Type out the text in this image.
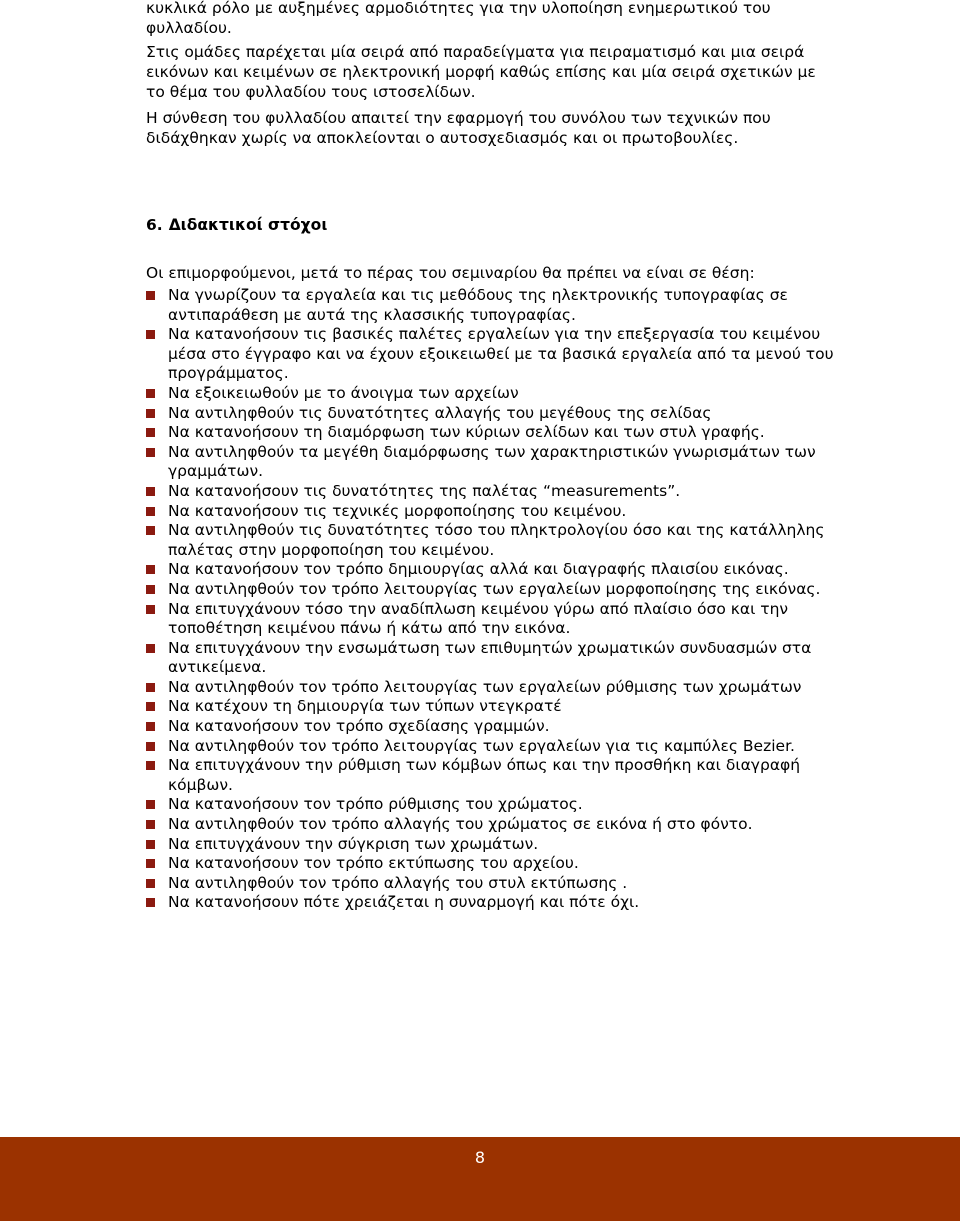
κυκλικά ρόλο με αυξημένες αρμοδιότητες για την υλοποίηση ενημερωτικού του φυλλαδίου.

Στις ομάδες παρέχεται μία σειρά από παραδείγματα για πειραματισμό και μια σειρά εικόνων και κειμένων σε ηλεκτρονική μορφή καθώς επίσης και μία σειρά σχετικών με το θέμα του φυλλαδίου τους ιστοσελίδων.

Η σύνθεση του φυλλαδίου απαιτεί την εφαρμογή του συνόλου των τεχνικών που διδάχθηκαν χωρίς να αποκλείονται ο αυτοσχεδιασμός και οι πρωτοβουλίες.

6. Διδακτικοί στόχοι

Οι επιμορφούμενοι, μετά το πέρας του σεμιναρίου θα πρέπει να είναι σε θέση:

Να γνωρίζουν τα εργαλεία και τις μεθόδους της ηλεκτρονικής τυπογραφίας σε αντιπαράθεση με αυτά της κλασσικής τυπογραφίας.
Να κατανοήσουν τις βασικές παλέτες εργαλείων για την επεξεργασία του κειμένου μέσα στο έγγραφο και να έχουν εξοικειωθεί με τα βασικά εργαλεία από τα μενού του προγράμματος.
Να εξοικειωθούν με το άνοιγμα των αρχείων
Να αντιληφθούν τις δυνατότητες αλλαγής του μεγέθους της σελίδας
Να κατανοήσουν τη διαμόρφωση των κύριων σελίδων και των στυλ γραφής.
Να αντιληφθούν τα μεγέθη διαμόρφωσης των χαρακτηριστικών γνωρισμάτων των γραμμάτων.
Να κατανοήσουν τις δυνατότητες της παλέτας “measurements”.
Να κατανοήσουν τις τεχνικές μορφοποίησης του κειμένου.
Να αντιληφθούν τις δυνατότητες τόσο του πληκτρολογίου όσο και της κατάλληλης παλέτας στην μορφοποίηση του κειμένου.
Να κατανοήσουν τον τρόπο δημιουργίας αλλά και διαγραφής πλαισίου εικόνας.
Να αντιληφθούν τον τρόπο λειτουργίας των εργαλείων μορφοποίησης της εικόνας.
Να επιτυγχάνουν τόσο την αναδίπλωση κειμένου γύρω από πλαίσιο όσο και την τοποθέτηση κειμένου πάνω ή κάτω από την εικόνα.
Να επιτυγχάνουν την ενσωμάτωση των επιθυμητών χρωματικών συνδυασμών στα αντικείμενα.
Να αντιληφθούν τον τρόπο λειτουργίας των εργαλείων ρύθμισης των χρωμάτων
Να κατέχουν τη δημιουργία των τύπων ντεγκρατέ
Να κατανοήσουν τον τρόπο σχεδίασης γραμμών.
Να αντιληφθούν τον τρόπο λειτουργίας των εργαλείων για τις καμπύλες Bezier.
Να επιτυγχάνουν την ρύθμιση των κόμβων όπως και την προσθήκη και διαγραφή κόμβων.
Να κατανοήσουν τον τρόπο ρύθμισης του χρώματος.
Να αντιληφθούν τον τρόπο αλλαγής του χρώματος σε εικόνα ή στο φόντο.
Να επιτυγχάνουν την σύγκριση των χρωμάτων.
Να κατανοήσουν τον τρόπο εκτύπωσης του αρχείου.
Να αντιληφθούν τον τρόπο αλλαγής του στυλ εκτύπωσης .
Να κατανοήσουν πότε χρειάζεται η συναρμογή και πότε όχι.
8
